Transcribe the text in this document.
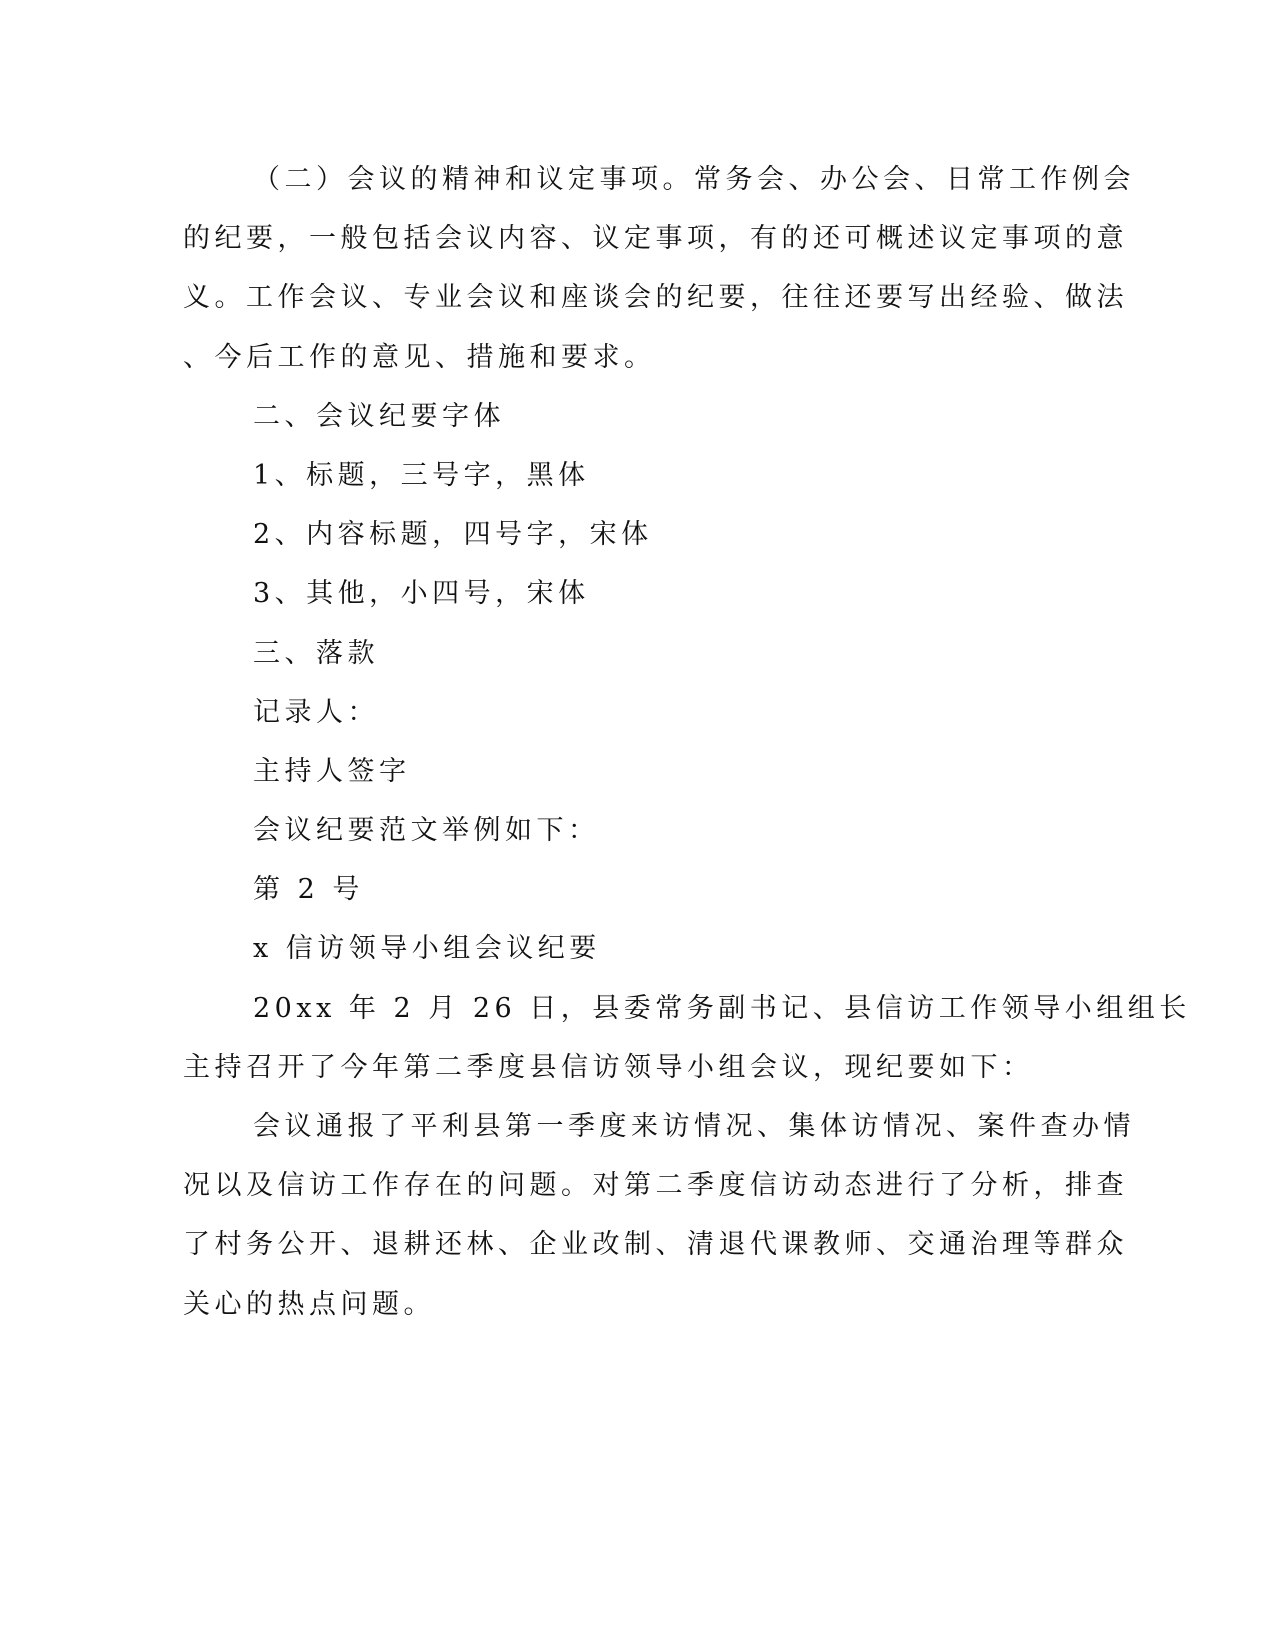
（二）会议的精神和议定事项。常务会、办公会、日常工作例会
的纪要，一般包括会议内容、议定事项，有的还可概述议定事项的意
义。工作会议、专业会议和座谈会的纪要，往往还要写出经验、做法
、今后工作的意见、措施和要求。
二、会议纪要字体
1、标题，三号字，黑体
2、内容标题，四号字，宋体
3、其他，小四号，宋体
三、落款
记录人：
主持人签字
会议纪要范文举例如下：
第 2 号
x 信访领导小组会议纪要
20xx 年 2 月 26 日，县委常务副书记、县信访工作领导小组组长
主持召开了今年第二季度县信访领导小组会议，现纪要如下：
会议通报了平利县第一季度来访情况、集体访情况、案件查办情
况以及信访工作存在的问题。对第二季度信访动态进行了分析，排查
了村务公开、退耕还林、企业改制、清退代课教师、交通治理等群众
关心的热点问题。
